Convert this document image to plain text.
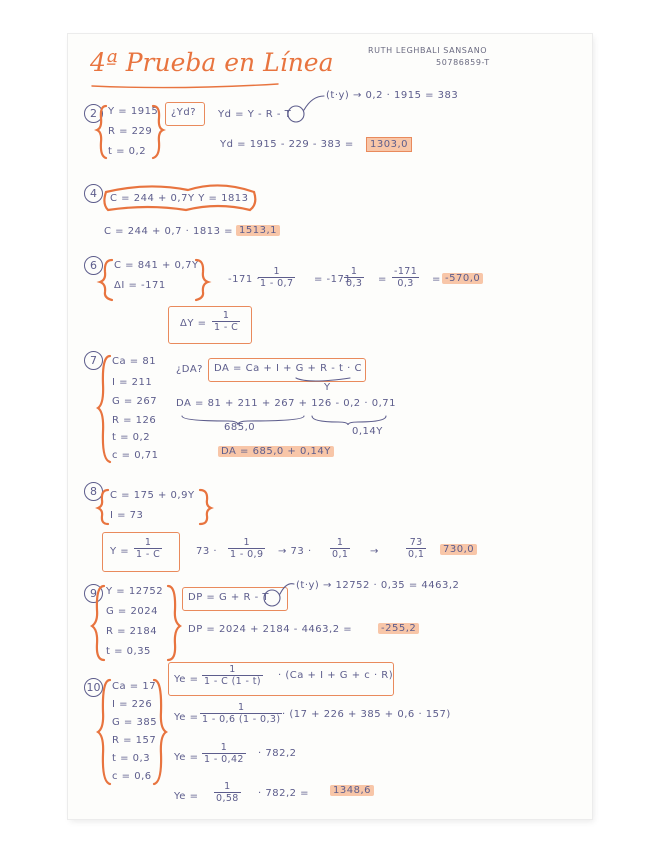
4ª Prueba en Línea	RUTH LEGHBALI SANSANO
50786859-T
2	Y = 1915
R = 229
t = 0,2
¿Yd? Yd = Y - R - T
(t·y) → 0,2 · 1915 = 383
Yd = 1915 - 229 - 383 =	1303,0
4	C = 244 + 0,7Y Y = 1813
C = 244 + 0,7 · 1813 = 1513,1
6	C = 841 + 0,7Y
ΔI = -171
-171 ·
$\frac{1}{1 - 0,7} = -171$
$\frac{1}{0,3} = \frac{-171}{0,3} = -570,0$
$\Delta Y = \frac{1}{1 - C}$
7	Ca = 81
I = 211
G = 267
R = 126
t = 0,2
c = 0,71
¿DA? DA = Ca + I + G + R - t · C
Y
DA = 81 + 211 + 267 + 126 - 0,2 · 0,71
685,0	0,14Y
DA = 685,0 + 0,14Y
8	C = 175 + 0,9Y
I = 73
$Y = \frac{1}{1 - C}$	$73 \cdot \frac{1}{1 - 0,9} \to 73 \cdot \frac{1}{0,1}$ →	$\frac{73}{0,1}$	730,0
9 Y = 12752
G = 2024
R = 2184
t = 0,35
DP = G + R - T
(t·y) → 12752 · 0,35 = 4463,2
DP = 2024 + 2184 - 4463,2 =	-255,2
10 Ca = 17
I = 226
G = 385
R = 157
t = 0,3
c = 0,6
$Ye = \frac{1}{1 - C (1 - t)} \cdot (Ca + I + G + c \cdot R)$
$Ye = \frac{1}{1 - 0,6 (1 - 0,3)} \cdot (17 + 226 + 385 + 0,6 \cdot 157)$
$Ye = \frac{1}{1 - 0,42} \cdot 782,2$
$Ye = \frac{1}{0,58} \cdot 782,2$ =	1348,6
